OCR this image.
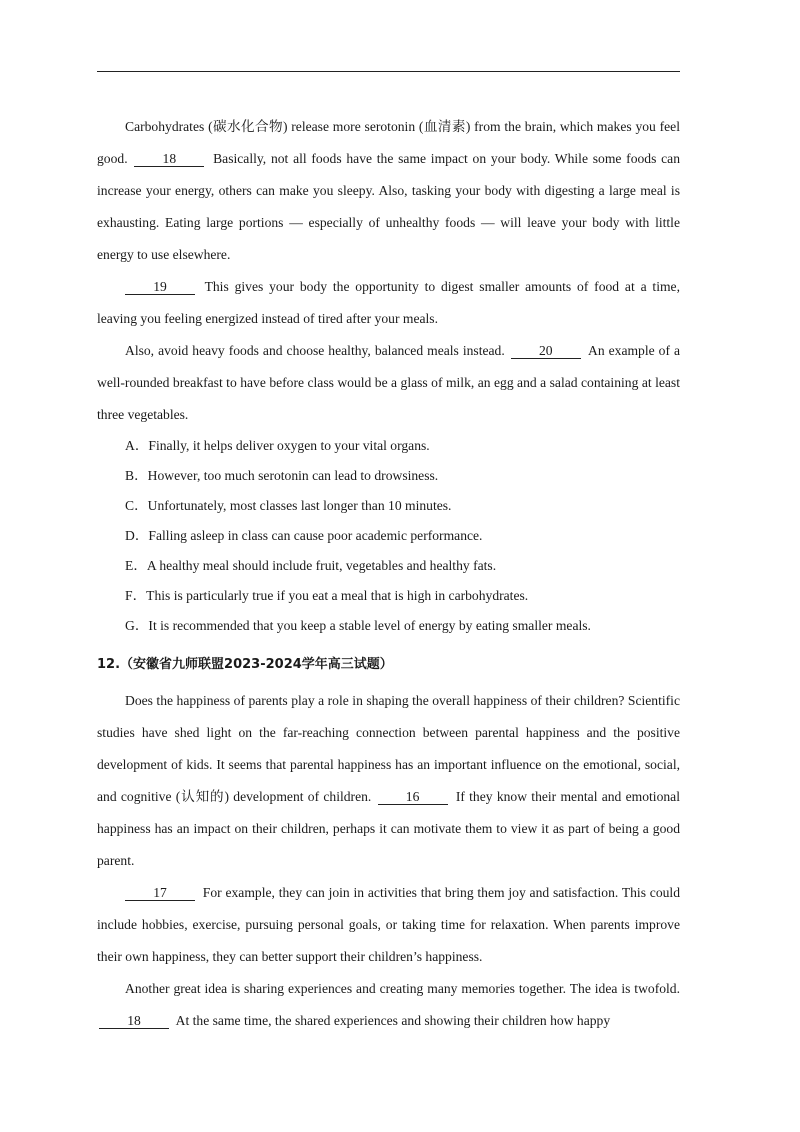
Carbohydrates (碳水化合物) release more serotonin (血清素) from the brain, which makes you feel good. 18 Basically, not all foods have the same impact on your body. While some foods can increase your energy, others can make you sleepy. Also, tasking your body with digesting a large meal is exhausting. Eating large portions — especially of unhealthy foods — will leave your body with little energy to use elsewhere.

19 This gives your body the opportunity to digest smaller amounts of food at a time, leaving you feeling energized instead of tired after your meals.

Also, avoid heavy foods and choose healthy, balanced meals instead. 20 An example of a well-rounded breakfast to have before class would be a glass of milk, an egg and a salad containing at least three vegetables.

A．Finally, it helps deliver oxygen to your vital organs.
B．However, too much serotonin can lead to drowsiness.
C．Unfortunately, most classes last longer than 10 minutes.
D．Falling asleep in class can cause poor academic performance.
E．A healthy meal should include fruit, vegetables and healthy fats.
F．This is particularly true if you eat a meal that is high in carbohydrates.
G．It is recommended that you keep a stable level of energy by eating smaller meals.
12.（安徽省九师联盟2023-2024学年高三试题）

Does the happiness of parents play a role in shaping the overall happiness of their children? Scientific studies have shed light on the far-reaching connection between parental happiness and the positive development of kids. It seems that parental happiness has an important influence on the emotional, social, and cognitive (认知的) development of children. 16 If they know their mental and emotional happiness has an impact on their children, perhaps it can motivate them to view it as part of being a good parent.

17 For example, they can join in activities that bring them joy and satisfaction. This could include hobbies, exercise, pursuing personal goals, or taking time for relaxation. When parents improve their own happiness, they can better support their children’s happiness.

Another great idea is sharing experiences and creating many memories together. The idea is twofold. 18 At the same time, the shared experiences and showing their children how happy
